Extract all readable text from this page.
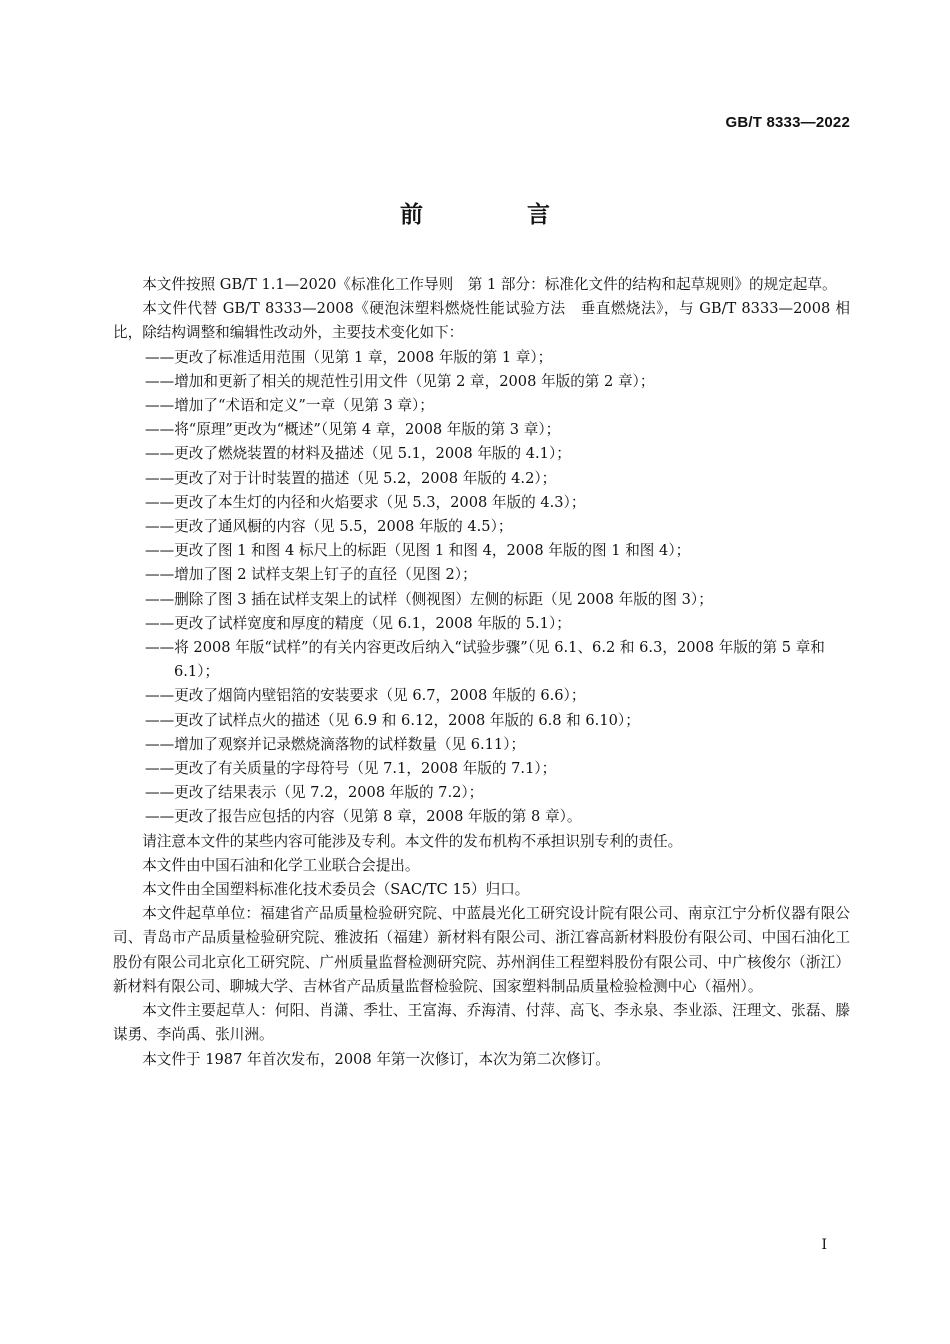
GB/T 8333—2022
前 言

本文件按照 GB/T 1.1—2020《标准化工作导则　第 1 部分：标准化文件的结构和起草规则》的规定起草。

本文件代替 GB/T 8333—2008《硬泡沫塑料燃烧性能试验方法　垂直燃烧法》，与 GB/T 8333—2008 相比，除结构调整和编辑性改动外，主要技术变化如下：

——更改了标准适用范围（见第 1 章，2008 年版的第 1 章）；

——增加和更新了相关的规范性引用文件（见第 2 章，2008 年版的第 2 章）；

——增加了“术语和定义”一章（见第 3 章）；

——将“原理”更改为“概述”（见第 4 章，2008 年版的第 3 章）；

——更改了燃烧装置的材料及描述（见 5.1，2008 年版的 4.1）；

——更改了对于计时装置的描述（见 5.2，2008 年版的 4.2）；

——更改了本生灯的内径和火焰要求（见 5.3，2008 年版的 4.3）；

——更改了通风橱的内容（见 5.5，2008 年版的 4.5）；

——更改了图 1 和图 4 标尺上的标距（见图 1 和图 4，2008 年版的图 1 和图 4）；

——增加了图 2 试样支架上钉子的直径（见图 2）；

——删除了图 3 插在试样支架上的试样（侧视图）左侧的标距（见 2008 年版的图 3）；

——更改了试样宽度和厚度的精度（见 6.1，2008 年版的 5.1）；

——将 2008 年版“试样”的有关内容更改后纳入“试验步骤”（见 6.1、6.2 和 6.3，2008 年版的第 5 章和 6.1）；

——更改了烟筒内壁铝箔的安装要求（见 6.7，2008 年版的 6.6）；

——更改了试样点火的描述（见 6.9 和 6.12，2008 年版的 6.8 和 6.10）；

——增加了观察并记录燃烧滴落物的试样数量（见 6.11）；

——更改了有关质量的字母符号（见 7.1，2008 年版的 7.1）；

——更改了结果表示（见 7.2，2008 年版的 7.2）；

——更改了报告应包括的内容（见第 8 章，2008 年版的第 8 章）。

请注意本文件的某些内容可能涉及专利。本文件的发布机构不承担识别专利的责任。

本文件由中国石油和化学工业联合会提出。

本文件由全国塑料标准化技术委员会（SAC/TC 15）归口。

本文件起草单位：福建省产品质量检验研究院、中蓝晨光化工研究设计院有限公司、南京江宁分析仪器有限公司、青岛市产品质量检验研究院、雅波拓（福建）新材料有限公司、浙江睿高新材料股份有限公司、中国石油化工股份有限公司北京化工研究院、广州质量监督检测研究院、苏州润佳工程塑料股份有限公司、中广核俊尔（浙江）新材料有限公司、聊城大学、吉林省产品质量监督检验院、国家塑料制品质量检验检测中心（福州）。

本文件主要起草人：何阳、肖潇、季壮、王富海、乔海清、付萍、高飞、李永泉、李业添、汪理文、张磊、滕谋勇、李尚禹、张川洲。

本文件于 1987 年首次发布，2008 年第一次修订，本次为第二次修订。

I
